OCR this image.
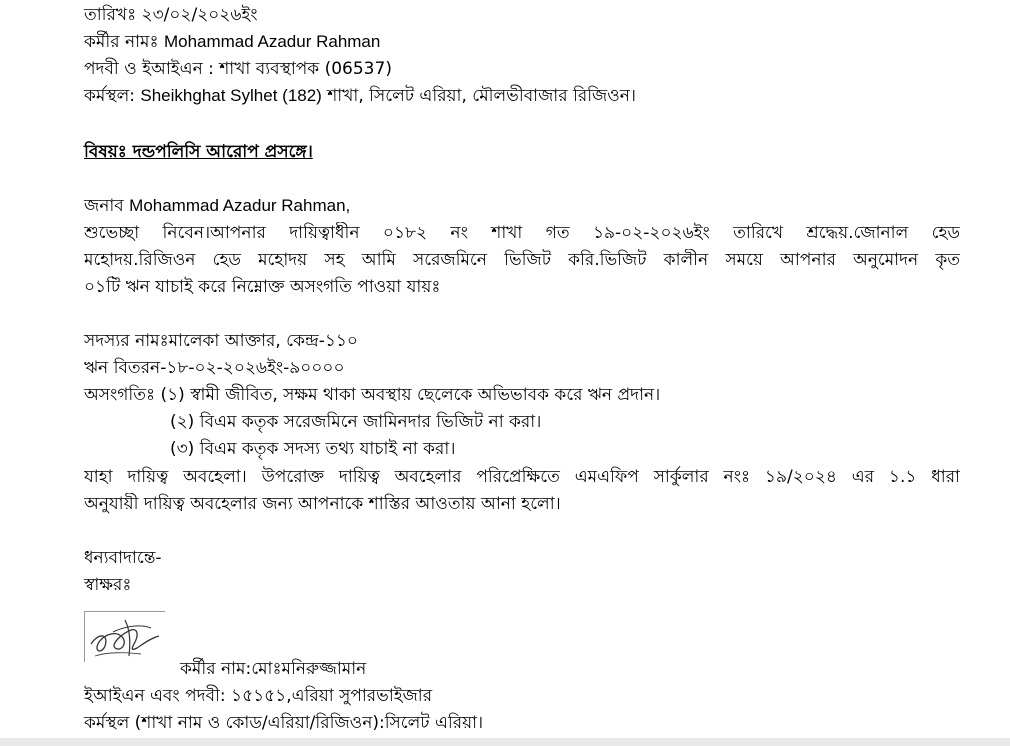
তারিখঃ ২৩/০২/২০২৬ইং
কর্মীর নামঃ Mohammad Azadur Rahman
পদবী ও ইআইএন : শাখা ব্যবস্থাপক (06537)
কর্মস্থল: Sheikhghat Sylhet (182) শাখা, সিলেট এরিয়া, মৌলভীবাজার রিজিওন।
বিষয়ঃ দন্ডপলিসি আরোপ প্রসঙ্গে।
জনাব Mohammad Azadur Rahman,
শুভেচ্ছা নিবেন।আপনার দায়িত্বাধীন ০১৮২ নং শাখা গত ১৯-০২-২০২৬ইং তারিখে শ্রদ্ধেয়.জোনাল হেড
মহোদয়.রিজিওন হেড মহোদয় সহ আমি সরেজমিনে ভিজিট করি.ভিজিট কালীন সময়ে আপনার অনুমোদন কৃত
০১টি ঋন যাচাই করে নিম্নোক্ত অসংগতি পাওয়া যায়ঃ
সদস্যর নামঃমালেকা আক্তার, কেন্দ্র-১১০
ঋন বিতরন-১৮-০২-২০২৬ইং-৯০০০০
অসংগতিঃ (১) স্বামী জীবিত, সক্ষম থাকা অবস্থায় ছেলেকে অভিভাবক করে ঋন প্রদান।
(২) বিএম কতৃক সরেজমিনে জামিনদার ভিজিট না করা।
(৩) বিএম কতৃক সদস্য তথ্য যাচাই না করা।
যাহা দায়িত্ব অবহেলা। উপরোক্ত দায়িত্ব অবহেলার পরিপ্রেক্ষিতে এমএফিপ সার্কুলার নংঃ ১৯/২০২৪ এর ১.১ ধারা
অনুযায়ী দায়িত্ব অবহেলার জন্য আপনাকে শাস্তির আওতায় আনা হলো।
ধন্যবাদান্তে-
স্বাক্ষরঃ
কর্মীর নাম:মোঃমনিরুজ্জামান
ইআইএন এবং পদবী: ১৫১৫১,এরিয়া সুপারভাইজার
কর্মস্থল (শাখা নাম ও কোড/এরিয়া/রিজিওন):সিলেট এরিয়া।
